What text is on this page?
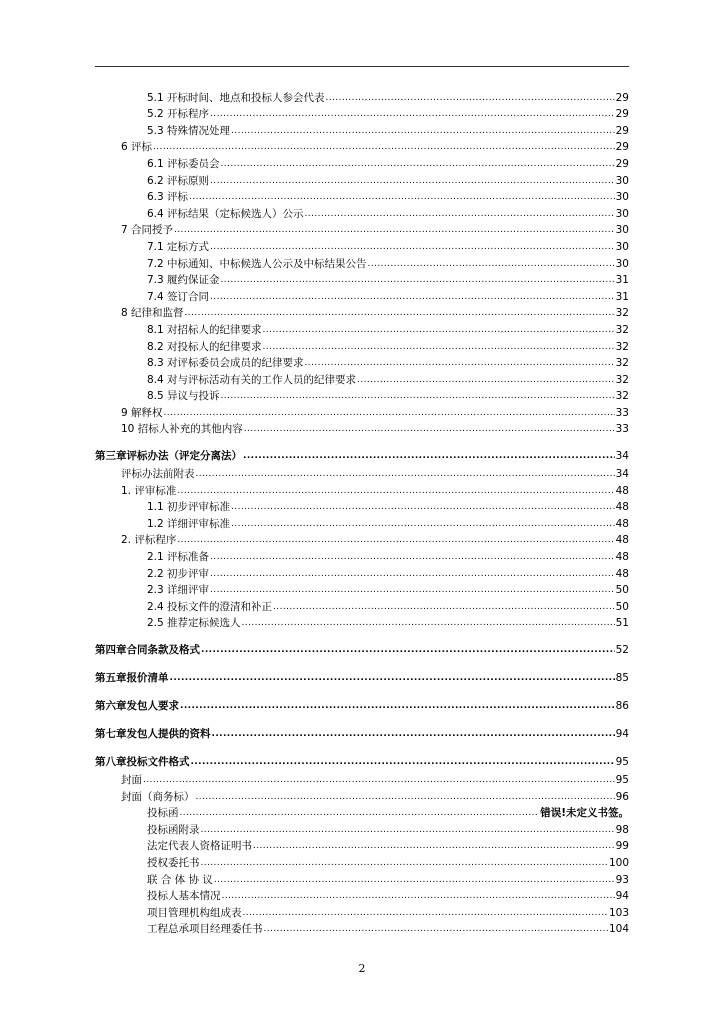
5.1 开标时间、地点和投标人参会代表 .....	29
5.2 开标程序 .....	29
5.3 特殊情况处理 .....	29
6 评标 .....	29
6.1 评标委员会 .....	29
6.2 评标原则 .....	30
6.3 评标 .....	30
6.4 评标结果（定标候选人）公示 .....	30
7 合同授予 .....	30
7.1 定标方式 .....	30
7.2 中标通知、中标候选人公示及中标结果公告 .....	30
7.3 履约保证金 .....	31
7.4 签订合同 .....	31
8 纪律和监督 .....	32
8.1 对招标人的纪律要求 .....	32
8.2 对投标人的纪律要求 .....	32
8.3 对评标委员会成员的纪律要求 .....	32
8.4 对与评标活动有关的工作人员的纪律要求 .....	32
8.5 异议与投诉 .....	32
9 解释权 .....	33
10 招标人补充的其他内容 .....	33
第三章评标办法（评定分离法） .....	34
评标办法前附表 .....	34
1. 评审标准 .....	48
1.1 初步评审标准 .....	48
1.2 详细评审标准 .....	48
2. 评标程序 .....	48
2.1 评标准备 .....	48
2.2 初步评审 .....	48
2.3 详细评审 .....	50
2.4 投标文件的澄清和补正 .....	50
2.5 推荐定标候选人 .....	51
第四章合同条款及格式 .....	52
第五章报价清单 .....	85
第六章发包人要求 .....	86
第七章发包人提供的资料 .....	94
第八章投标文件格式 .....	95
封面 .....	95
封面（商务标） .....	96
投标函 .....	错误!未定义书签。
投标函附录 .....	98
法定代表人资格证明书 .....	99
授权委托书 .....	100
联 合 体 协 议 .....	93
投标人基本情况 .....	94
项目管理机构组成表 .....	103
工程总承项目经理委任书 .....	104
2
